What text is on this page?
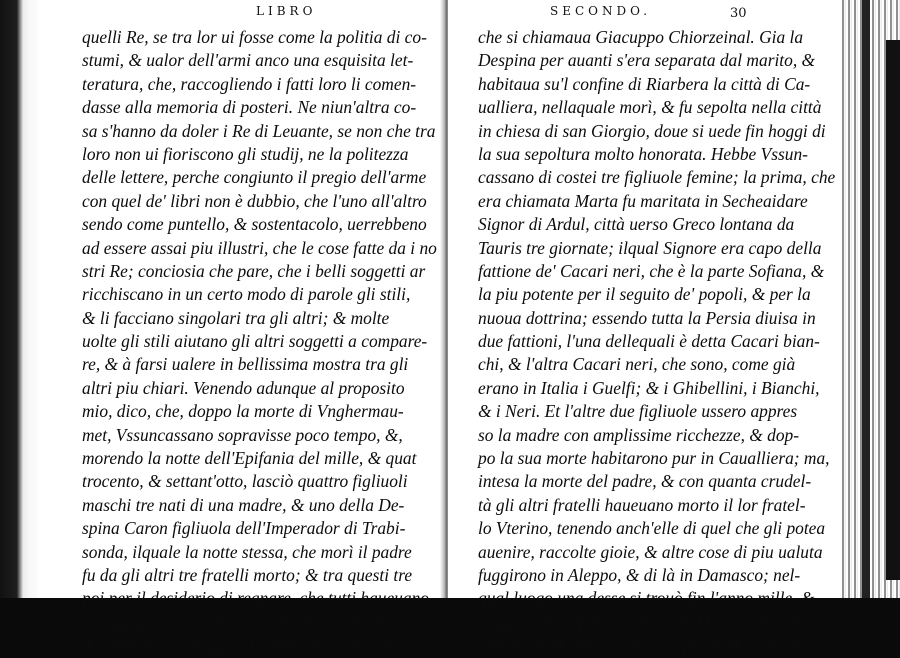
LIBRO
quelli Re, se tra lor ui fosse come la politia di co-
stumi, & ualor dell'armi anco una esquisita let-
teratura, che, raccogliendo i fatti loro li comen-
dasse alla memoria di posteri. Ne niun'altra co-
sa s'hanno da doler i Re di Leuante, se non che tra
loro non ui fioriscono gli studij, ne la politezza
delle lettere, perche congiunto il pregio dell'arme
con quel de' libri non è dubbio, che l'uno all'altro
sendo come puntello, & sostentacolo, uerrebbeno
ad essere assai piu illustri, che le cose fatte da i no
stri Re; conciosia che pare, che i belli soggetti ar
ricchiscano in un certo modo di parole gli stili,
& li facciano singolari tra gli altri; & molte
uolte gli stili aiutano gli altri soggetti a compare-
re, & à farsi ualere in bellissima mostra tra gli
altri piu chiari. Venendo adunque al proposito
mio, dico, che, doppo la morte di Vnghermau-
met, Vssuncassano sopravisse poco tempo, &,
morendo la notte dell'Epifania del mille, & quat
trocento, & settant'otto, lasciò quattro figliuoli
maschi tre nati di una madre, & uno della De-
spina Caron figliuola dell'Imperador di Trabi-
sonda, ilquale la notte stessa, che morì il padre
fu da gli altri tre fratelli morto; & tra questi tre
poi per il desiderio di regnare, che tutti haueuano
nacque grande emulatione, & odio sì che il secon
do ammazzò il maggior fratello, & regnò solo,
SECONDO.	30
che si chiamaua Giacuppo Chiorzeinal. Gia la
Despina per auanti s'era separata dal marito, &
habitaua su'l confine di Riarbera la città di Ca-
ualliera, nellaquale morì, & fu sepolta nella città
in chiesa di san Giorgio, doue si uede fin hoggi di
la sua sepoltura molto honorata. Hebbe Vssun-
cassano di costei tre figliuole femine; la prima, che
era chiamata Marta fu maritata in Secheaidare
Signor di Ardul, città uerso Greco lontana da
Tauris tre giornate; ilqual Signore era capo della
fattione de' Cacari neri, che è la parte Sofiana, &
la piu potente per il seguito de' popoli, & per la
nuoua dottrina; essendo tutta la Persia diuisa in
due fattioni, l'una dellequali è detta Cacari bian-
chi, & l'altra Cacari neri, che sono, come già
erano in Italia i Guelfi; & i Ghibellini, i Bianchi,
& i Neri. Et l'altre due figliuole ussero appres
so la madre con amplissime ricchezze, & dop-
po la sua morte habitarono pur in Caualliera; ma,
intesa la morte del padre, & con quanta crudel-
tà gli altri fratelli haueuano morto il lor fratel-
lo Vterino, tenendo anch'elle di quel che gli potea
auenire, raccolte gioie, & altre cose di piu ualuta
fuggirono in Aleppo, & di là in Damasco; nel-
qual luogo una desse si trouò fin l'anno mille, &
cinquecento, & dodici, & uede M. Caterino, fi-
gliuolo di M. Pietro, che nacque di M. Caterino
